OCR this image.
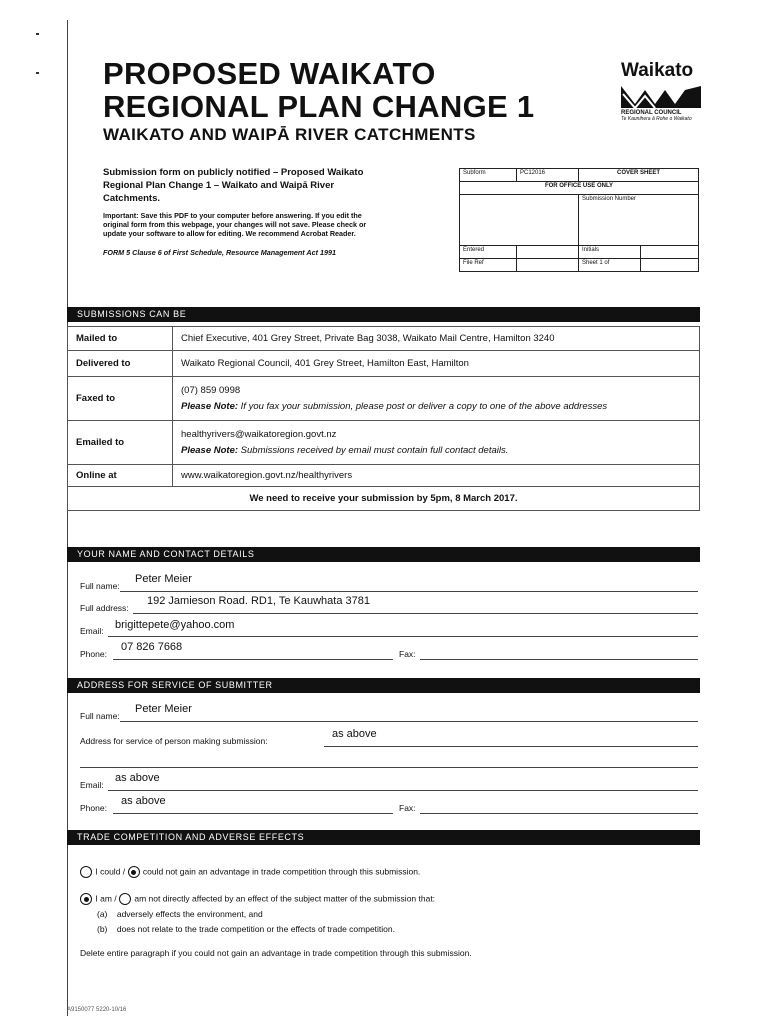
PROPOSED WAIKATO
REGIONAL PLAN CHANGE 1
WAIKATO AND WAIPĀ RIVER CATCHMENTS
Waikato
REGIONAL COUNCIL
Te Kaunihera ā Rohe o Waikato
Submission form on publicly notified – Proposed Waikato Regional Plan Change 1 – Waikato and Waipā River Catchments.
Important: Save this PDF to your computer before answering. If you edit the original form from this webpage, your changes will not save. Please check or update your software to allow for editing. We recommend Acrobat Reader.
FORM 5 Clause 6 of First Schedule, Resource Management Act 1991
Subform	PC12016	COVER SHEET	
FOR OFFICE USE ONLY			
		Submission Number	
Entered		Initials	
File Ref		Sheet 1 of	
SUBMISSIONS CAN BE
Mailed to	Chief Executive, 401 Grey Street, Private Bag 3038, Waikato Mail Centre, Hamilton 3240
Delivered to	Waikato Regional Council, 401 Grey Street, Hamilton East, Hamilton
Faxed to	(07) 859 0998
Please Note: If you fax your submission, please post or deliver a copy to one of the above addresses

Emailed to	healthyrivers@waikatoregion.govt.nz
Please Note: Submissions received by email must contain full contact details.

Online at	www.waikatoregion.govt.nz/healthyrivers
We need to receive your submission by 5pm, 8 March 2017.	
YOUR NAME AND CONTACT DETAILS
Full name:
Peter Meier
Full address:
192 Jamieson Road. RD1, Te Kauwhata 3781
Email: brigittepete@yahoo.com
Phone:
07 826 7668
Fax:
ADDRESS FOR SERVICE OF SUBMITTER
Full name:
Peter Meier
Address for service of person making submission:
as above
Email:
as above
Phone:
as above
Fax:
TRADE COMPETITION AND ADVERSE EFFECTS
I could / could not gain an advantage in trade competition through this submission.
I am / am not directly affected by an effect of the subject matter of the submission that:
(a) adversely effects the environment, and
(b) does not relate to the trade competition or the effects of trade competition.
Delete entire paragraph if you could not gain an advantage in trade competition through this submission.
A9150077 5220-10/16
